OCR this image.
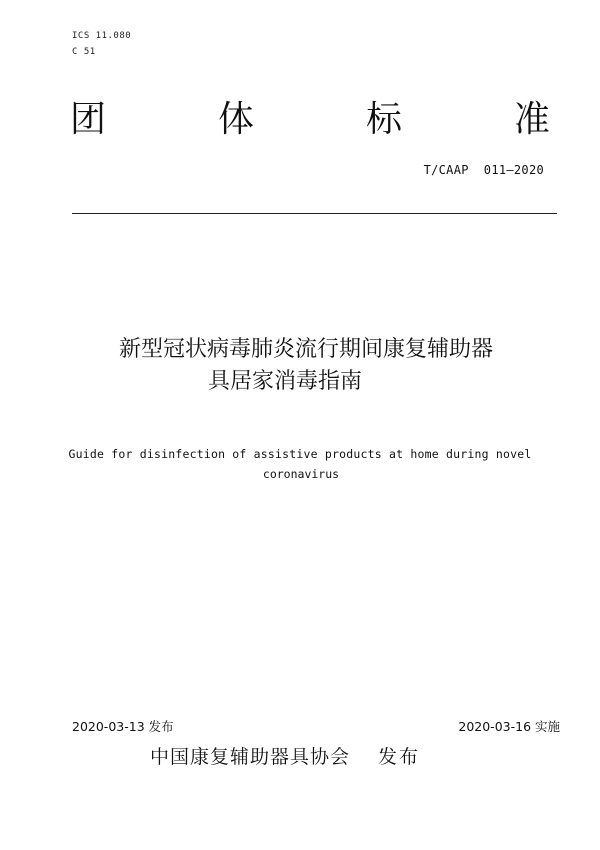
ICS 11.080
C 51
团	体	标	准
T/CAAP  011—2020
新型冠状病毒肺炎流行期间康复辅助器
具居家消毒指南
Guide for disinfection of assistive products at home during novel
coronavirus
2020-03-13 发布	2020-03-16 实施
中国康复辅助器具协会 发布
